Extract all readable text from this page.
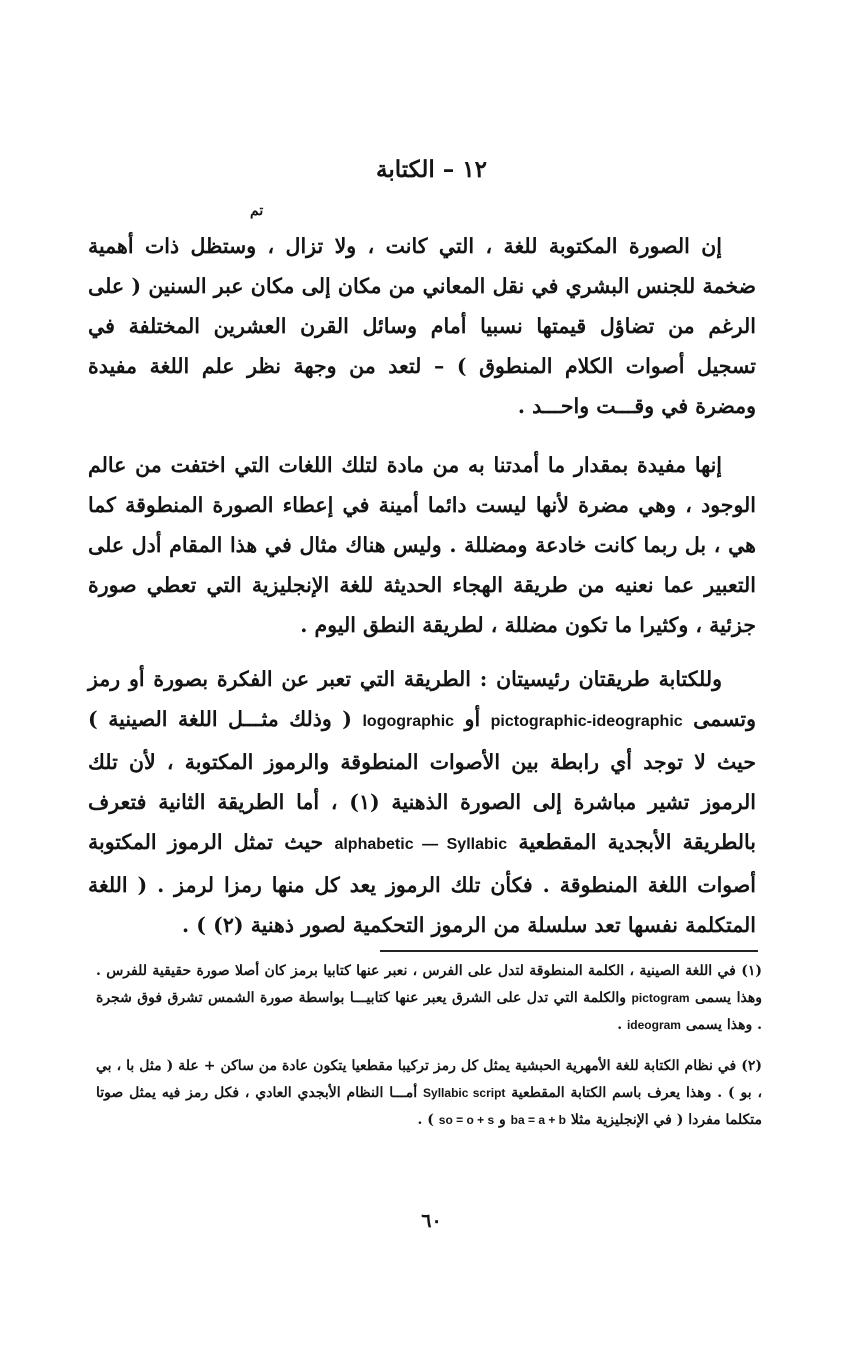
١٢ – الكتابة
تم

إن الصورة المكتوبة للغة ، التي كانت ، ولا تزال ، وستظل ذات أهمية ضخمة للجنس البشري في نقل المعاني من مكان إلى مكان عبر السنين ( على الرغم من تضاؤل قيمتها نسبيا أمام وسائل القرن العشرين المختلفة في تسجيل أصوات الكلام المنطوق ) – لتعد من وجهة نظر علم اللغة مفيدة ومضرة في وقـــت واحـــد .

إنها مفيدة بمقدار ما أمدتنا به من مادة لتلك اللغات التي اختفت من عالم الوجود ، وهي مضرة لأنها ليست دائما أمينة في إعطاء الصورة المنطوقة كما هي ، بل ربما كانت خادعة ومضللة . وليس هناك مثال في هذا المقام أدل على التعبير عما نعنيه من طريقة الهجاء الحديثة للغة الإنجليزية التي تعطي صورة جزئية ، وكثيرا ما تكون مضللة ، لطريقة النطق اليوم .

وللكتابة طريقتان رئيسيتان : الطريقة التي تعبر عن الفكرة بصورة أو رمز وتسمى pictographic-ideographic أو logographic ( وذلك مثـــل اللغة الصينية ) حيث لا توجد أي رابطة بين الأصوات المنطوقة والرموز المكتوبة ، لأن تلك الرموز تشير مباشرة إلى الصورة الذهنية (١) ، أما الطريقة الثانية فتعرف بالطريقة الأبجدية المقطعية alphabetic — Syllabic حيث تمثل الرموز المكتوبة أصوات اللغة المنطوقة . فكأن تلك الرموز يعد كل منها رمزا لرمز . ( اللغة المتكلمة نفسها تعد سلسلة من الرموز التحكمية لصور ذهنية (٢) ) .

(١) في اللغة الصينية ، الكلمة المنطوقة لتدل على الفرس ، نعبر عنها كتابيا برمز كان أصلا صورة حقيقية للفرس . وهذا يسمى pictogram والكلمة التي تدل على الشرق يعبر عنها كتابيـــا بواسطة صورة الشمس تشرق فوق شجرة . وهذا يسمى ideogram .

(٢) في نظام الكتابة للغة الأمهرية الحبشية يمثل كل رمز تركيبا مقطعيا يتكون عادة من ساكن + علة ( مثل با ، بي ، بو ) . وهذا يعرف باسم الكتابة المقطعية Syllabic script أمـــا النظام الأبجدي العادي ، فكل رمز فيه يمثل صوتا متكلما مفردا ( في الإنجليزية مثلا ba = a + b و so = o + s ) .

٦٠
